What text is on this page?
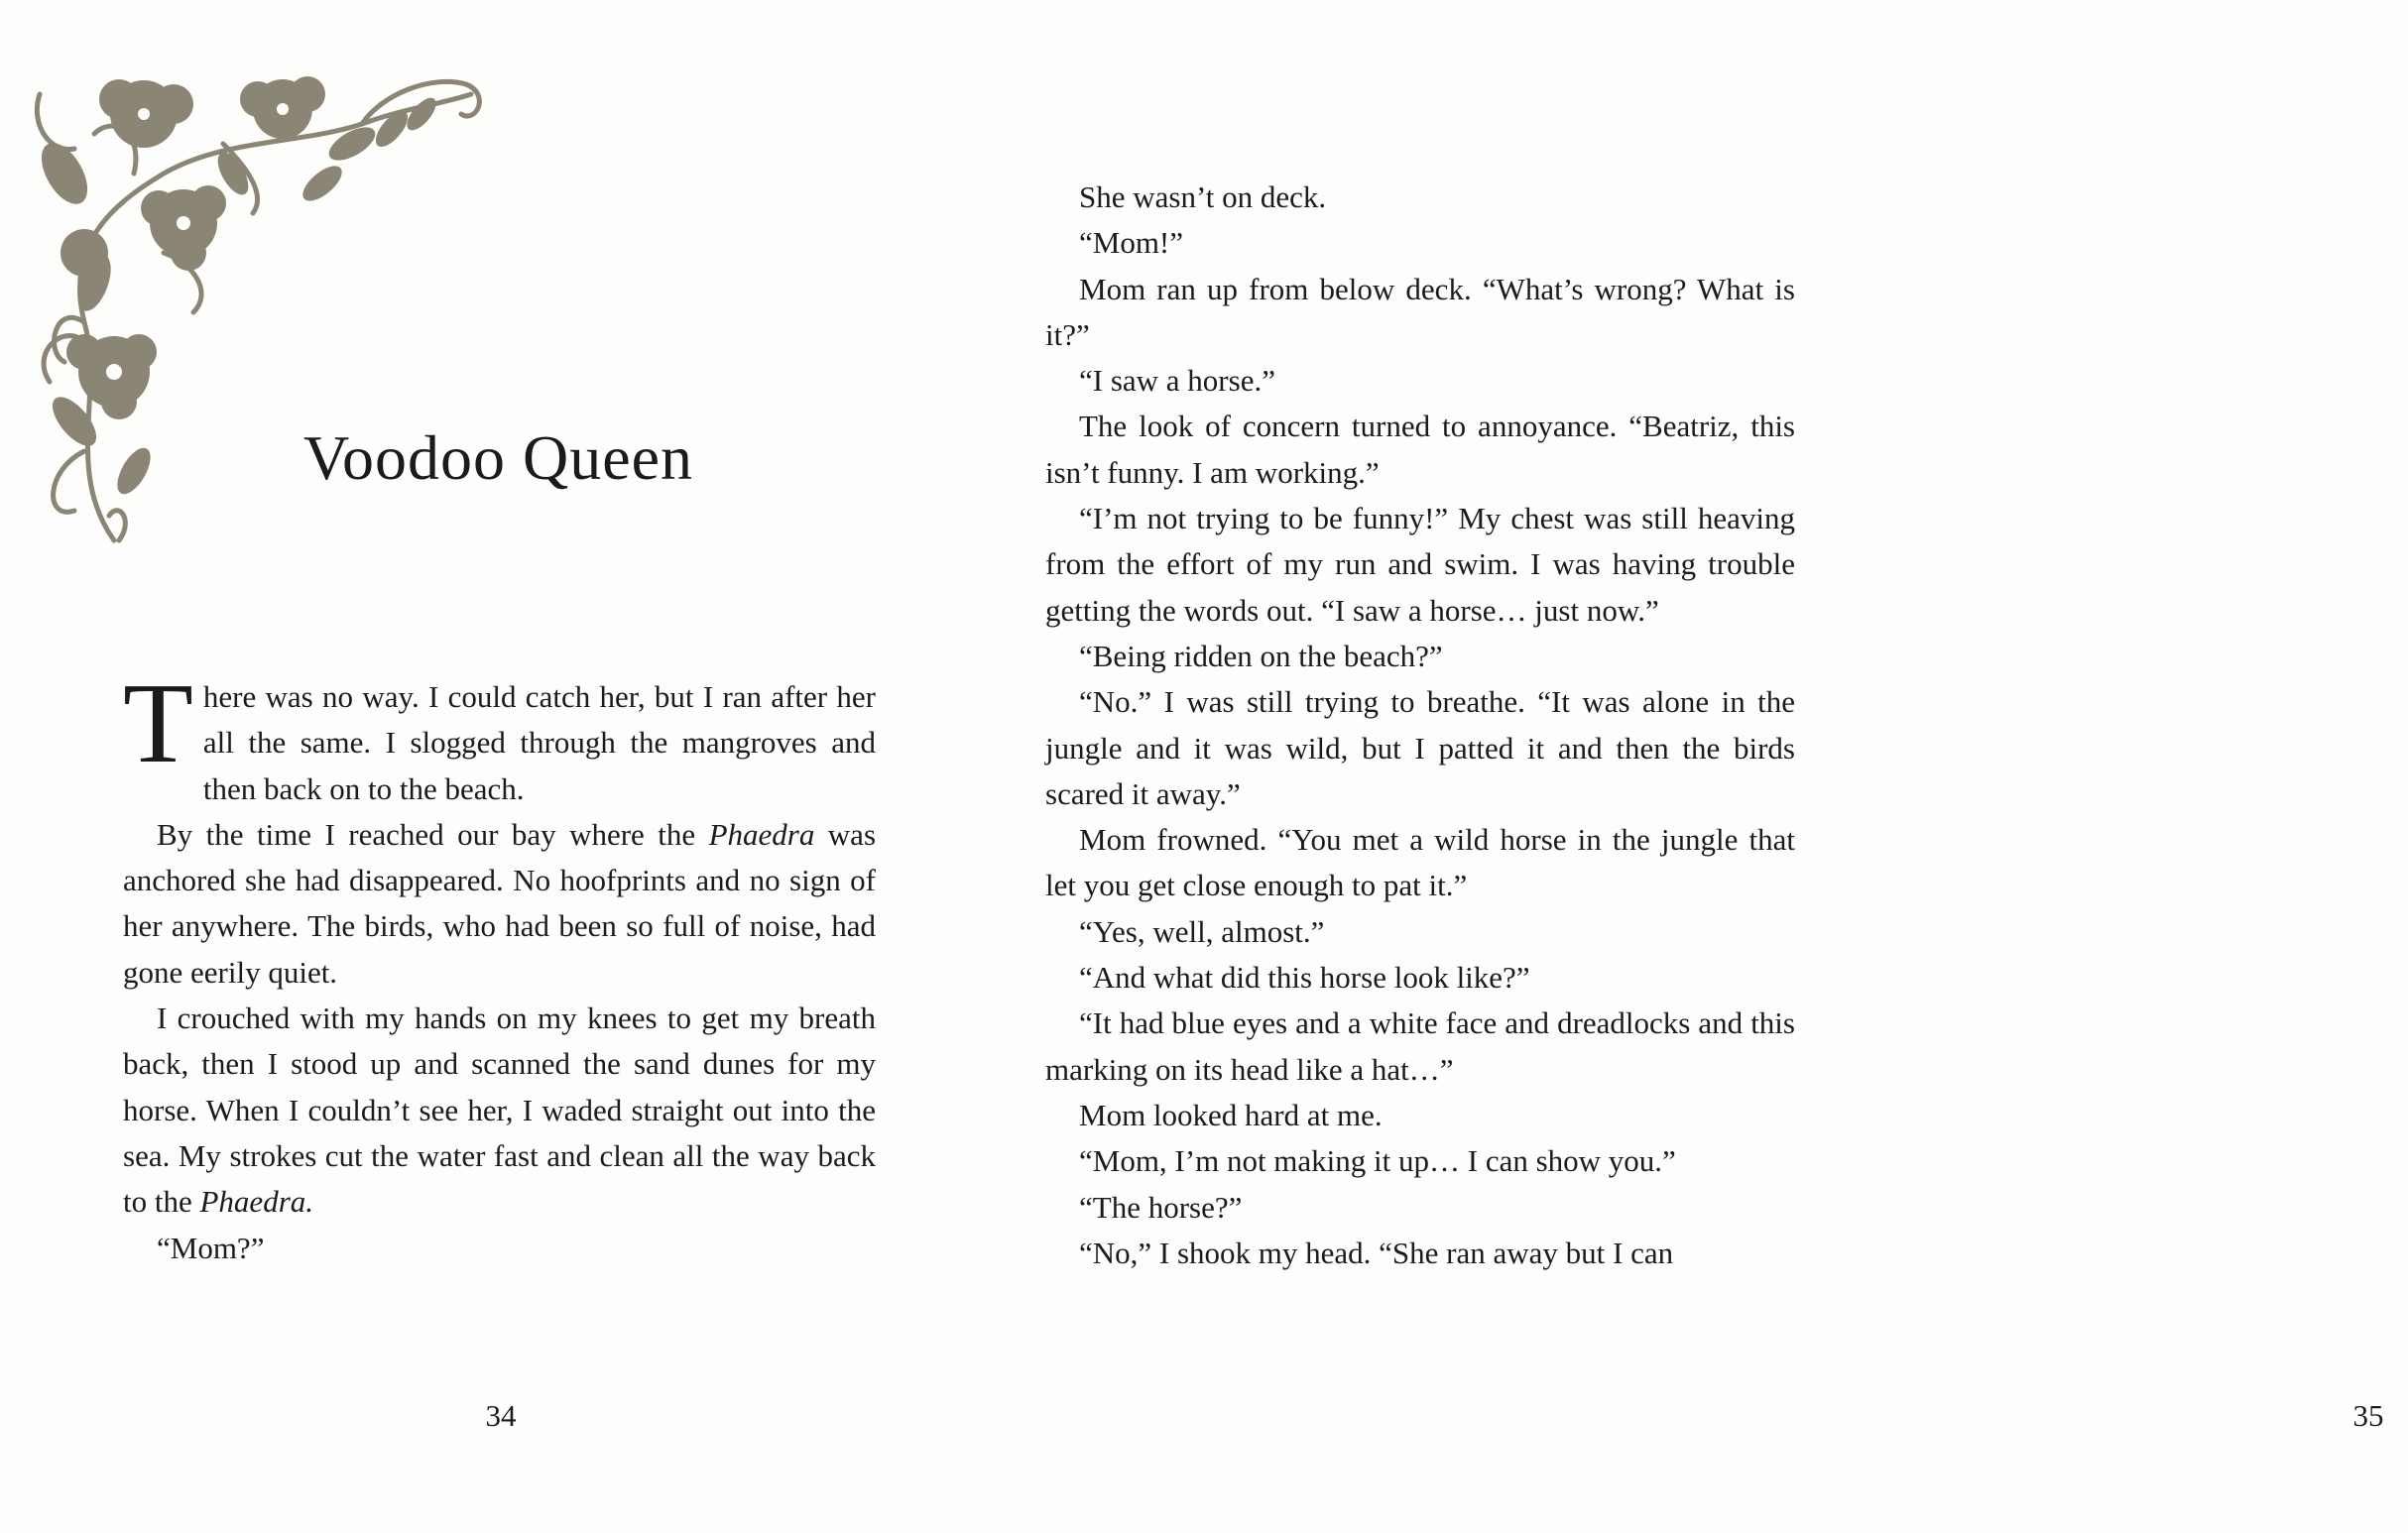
Voodoo Queen

There was no way. I could catch her, but I ran after her all the same. I slogged through the mangroves and then back on to the beach.

By the time I reached our bay where the Phaedra was anchored she had disappeared. No hoofprints and no sign of her anywhere. The birds, who had been so full of noise, had gone eerily quiet.

I crouched with my hands on my knees to get my breath back, then I stood up and scanned the sand dunes for my horse. When I couldn’t see her, I waded straight out into the sea. My strokes cut the water fast and clean all the way back to the Phaedra.

“Mom?”

34	35

She wasn’t on deck.

“Mom!”

Mom ran up from below deck. “What’s wrong? What is it?”

“I saw a horse.”

The look of concern turned to annoyance. “Beatriz, this isn’t funny. I am working.”

“I’m not trying to be funny!” My chest was still heaving from the effort of my run and swim. I was having trouble getting the words out. “I saw a horse… just now.”

“Being ridden on the beach?”

“No.” I was still trying to breathe. “It was alone in the jungle and it was wild, but I patted it and then the birds scared it away.”

Mom frowned. “You met a wild horse in the jungle that let you get close enough to pat it.”

“Yes, well, almost.”

“And what did this horse look like?”

“It had blue eyes and a white face and dreadlocks and this marking on its head like a hat…”

Mom looked hard at me.

“Mom, I’m not making it up… I can show you.”

“The horse?”

“No,” I shook my head. “She ran away but I can
